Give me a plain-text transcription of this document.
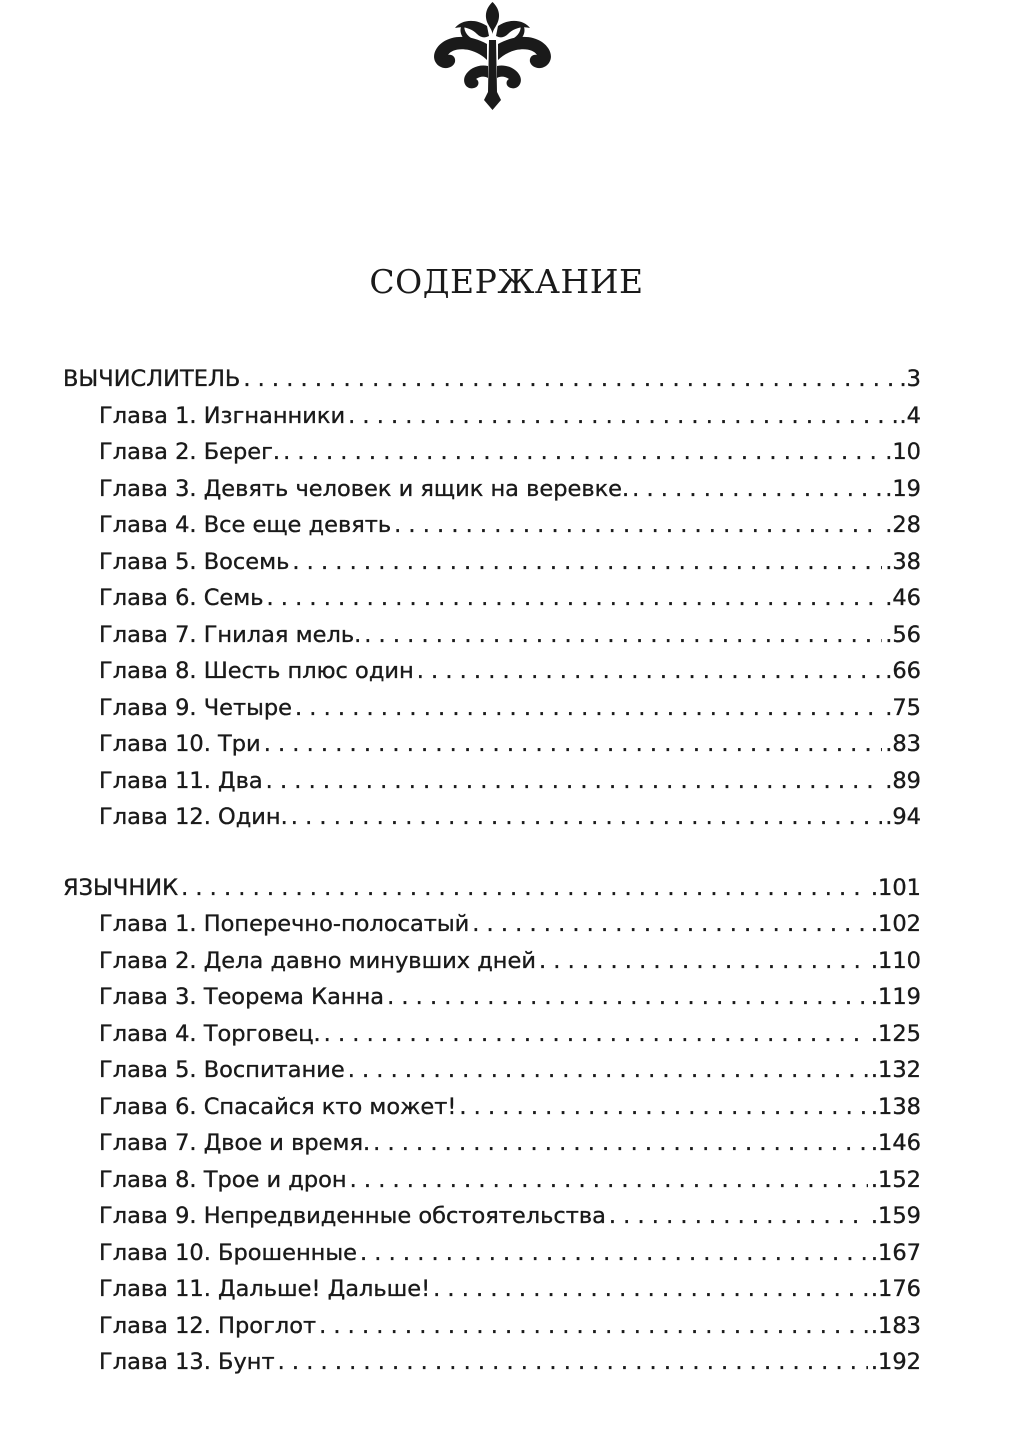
СОДЕРЖАНИЕ
ВЫЧИСЛИТЕЛЬ . . .	.3
Глава 1. Изгнанники . . .	.4
Глава 2. Берег. . . .	.10
Глава 3. Девять человек и ящик на веревке. . . .	.19
Глава 4. Все еще девять . . .	.28
Глава 5. Восемь . . .	.38
Глава 6. Семь . . .	.46
Глава 7. Гнилая мель. . . .	.56
Глава 8. Шесть плюс один . . .	.66
Глава 9. Четыре . . .	.75
Глава 10. Три . . .	.83
Глава 11. Два . . .	.89
Глава 12. Один. . . .	.94
ЯЗЫЧНИК . . .	.101
Глава 1. Поперечно-полосатый . . .	.102
Глава 2. Дела давно минувших дней . . .	.110
Глава 3. Теорема Канна . . .	.119
Глава 4. Торговец. . . .	.125
Глава 5. Воспитание . . .	.132
Глава 6. Спасайся кто может! . . .	.138
Глава 7. Двое и время. . . .	.146
Глава 8. Трое и дрон . . .	.152
Глава 9. Непредвиденные обстоятельства . . .	.159
Глава 10. Брошенные . . .	.167
Глава 11. Дальше! Дальше! . . .	.176
Глава 12. Проглот . . .	.183
Глава 13. Бунт . . .	.192
